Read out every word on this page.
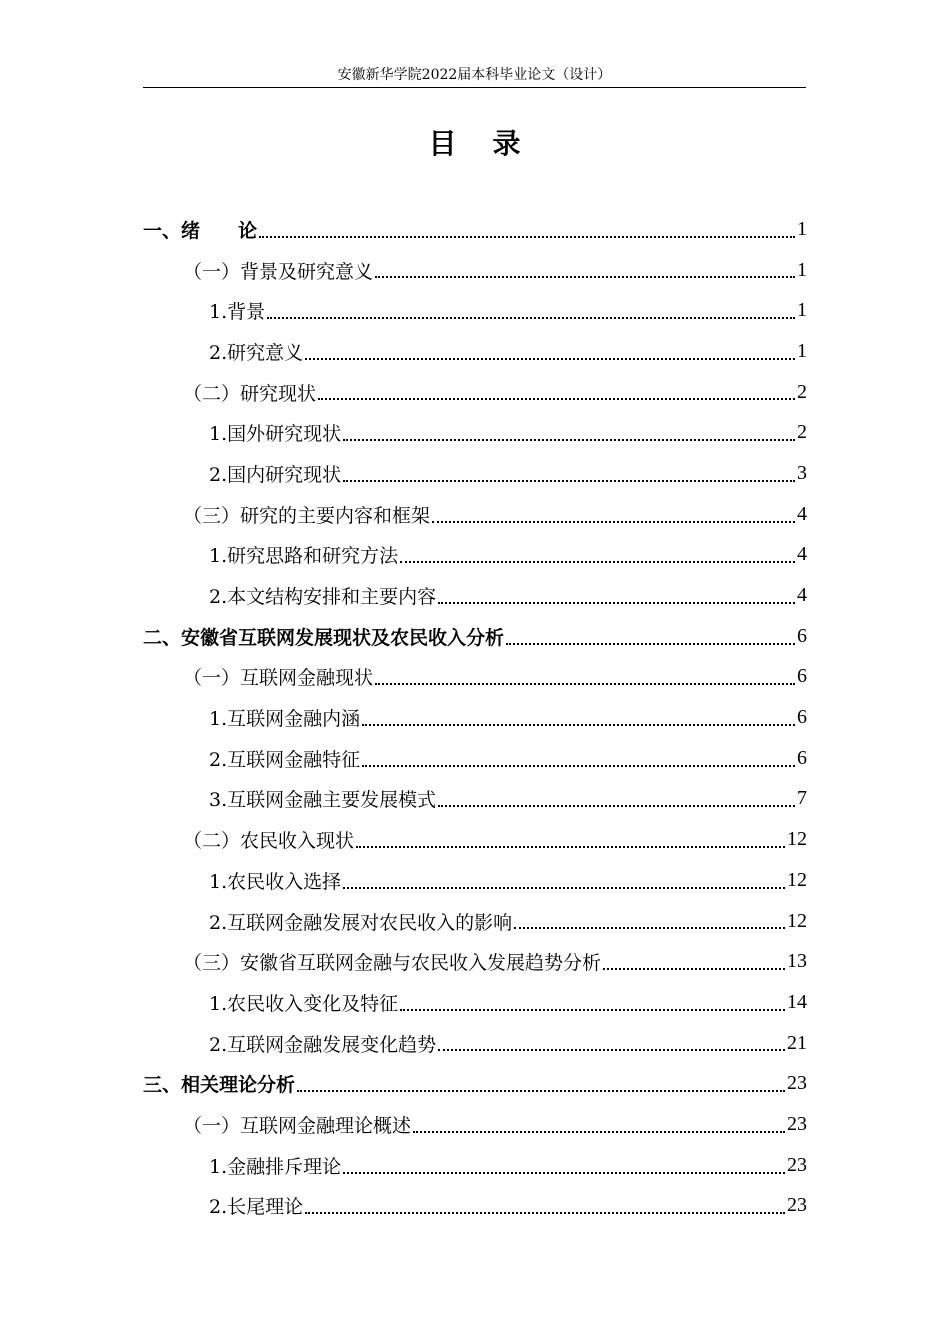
安徽新华学院2022届本科毕业论文（设计）
目录
一、绪　　论	1
（一）背景及研究意义	1
1.背景	1
2.研究意义	1
（二）研究现状	2
1.国外研究现状	2
2.国内研究现状	3
（三）研究的主要内容和框架	4
1.研究思路和研究方法	4
2.本文结构安排和主要内容	4
二、安徽省互联网发展现状及农民收入分析	6
（一）互联网金融现状	6
1.互联网金融内涵	6
2.互联网金融特征	6
3.互联网金融主要发展模式	7
（二）农民收入现状	12
1.农民收入选择	12
2.互联网金融发展对农民收入的影响	12
（三）安徽省互联网金融与农民收入发展趋势分析	13
1.农民收入变化及特征	14
2.互联网金融发展变化趋势	21
三、相关理论分析	23
（一）互联网金融理论概述	23
1.金融排斥理论	23
2.长尾理论	23
